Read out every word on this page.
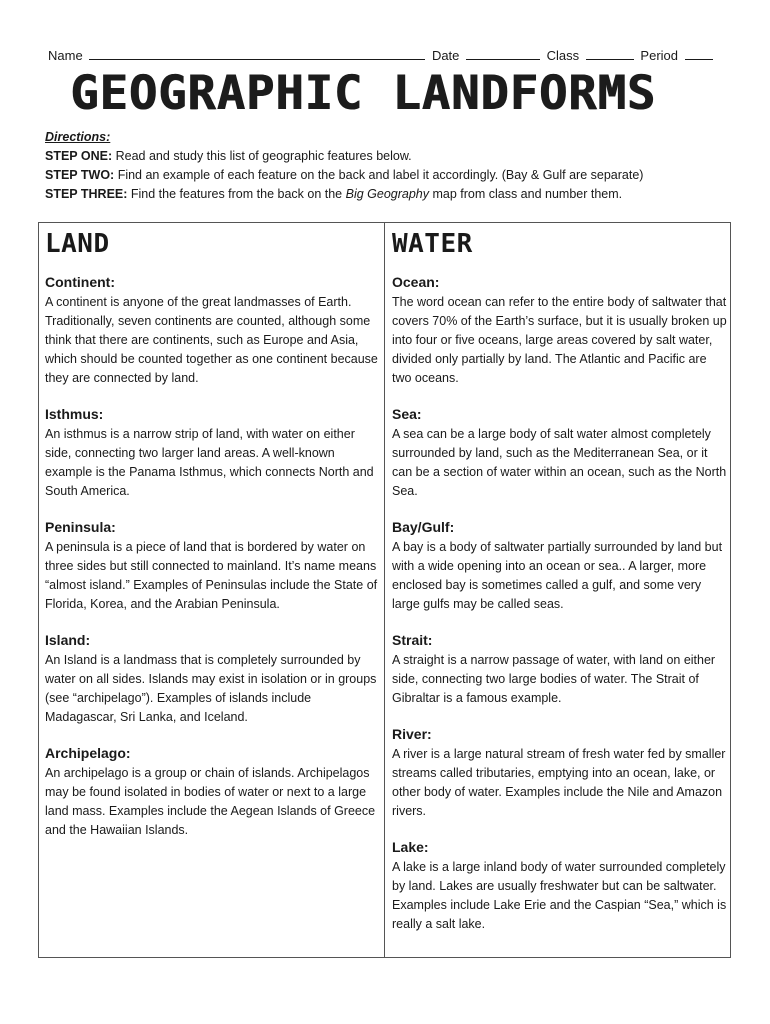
Name	Date	Class	Period
GEOGRAPHIC LANDFORMS
Directions:
STEP ONE: Read and study this list of geographic features below.
STEP TWO: Find an example of each feature on the back and label it accordingly. (Bay & Gulf are separate)
STEP THREE: Find the features from the back on the Big Geography map from class and number them.
LAND

Continent:

A continent is anyone of the great landmasses of Earth. Traditionally, seven continents are counted, although some think that there are continents, such as Europe and Asia, which should be counted together as one continent because they are connected by land.

Isthmus:

An isthmus is a narrow strip of land, with water on either side, connecting two larger land areas. A well-known example is the Panama Isthmus, which connects North and South America.

Peninsula:

A peninsula is a piece of land that is bordered by water on three sides but still connected to mainland. It’s name means “almost island.” Examples of Peninsulas include the State of Florida, Korea, and the Arabian Peninsula.

Island:

An Island is a landmass that is completely surrounded by water on all sides. Islands may exist in isolation or in groups (see “archipelago”). Examples of islands include Madagascar, Sri Lanka, and Iceland.

Archipelago:

An archipelago is a group or chain of islands. Archipelagos may be found isolated in bodies of water or next to a large land mass. Examples include the Aegean Islands of Greece and the Hawaiian Islands.

WATER

Ocean:

The word ocean can refer to the entire body of saltwater that covers 70% of the Earth’s surface, but it is usually broken up into four or five oceans, large areas covered by salt water, divided only partially by land. The Atlantic and Pacific are two oceans.

Sea:

A sea can be a large body of salt water almost completely surrounded by land, such as the Mediterranean Sea, or it can be a section of water within an ocean, such as the North Sea.

Bay/Gulf:

A bay is a body of saltwater partially surrounded by land but with a wide opening into an ocean or sea.. A larger, more enclosed bay is sometimes called a gulf, and some very large gulfs may be called seas.

Strait:

A straight is a narrow passage of water, with land on either side, connecting two large bodies of water. The Strait of Gibraltar is a famous example.

River:

A river is a large natural stream of fresh water fed by smaller streams called tributaries, emptying into an ocean, lake, or other body of water. Examples include the Nile and Amazon rivers.

Lake:

A lake is a large inland body of water surrounded completely by land. Lakes are usually freshwater but can be saltwater. Examples include Lake Erie and the Caspian “Sea,” which is really a salt lake.
